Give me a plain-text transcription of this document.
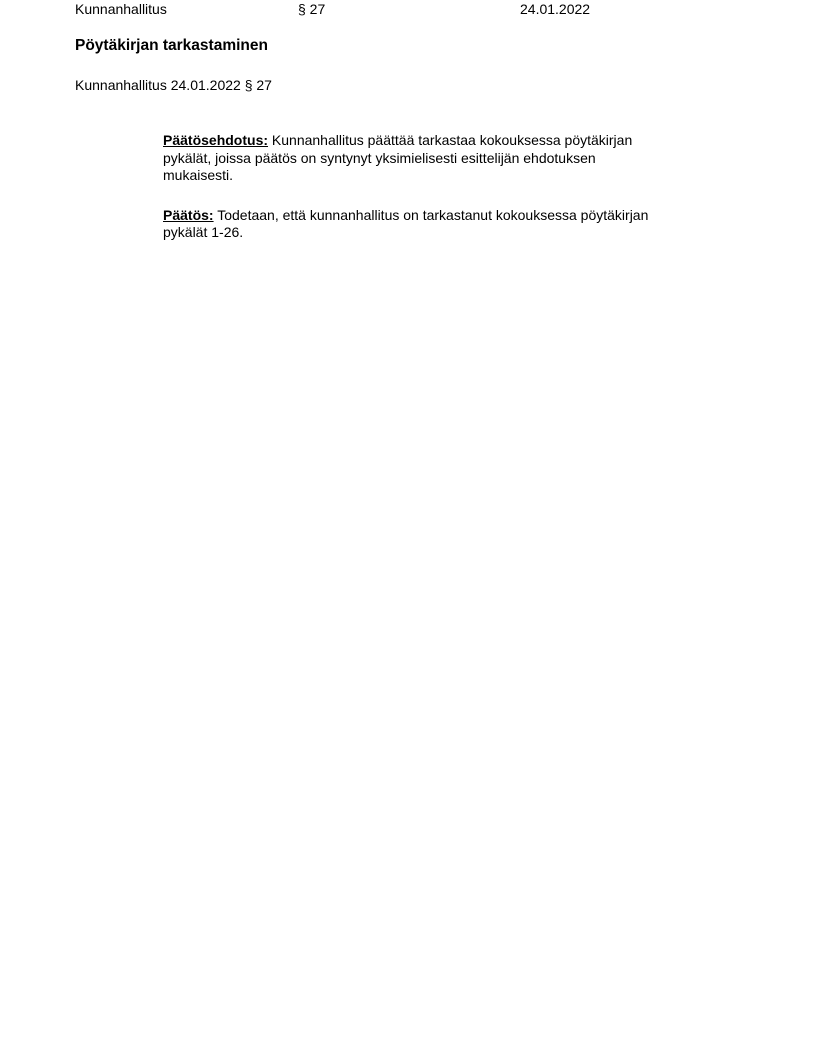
Kunnanhallitus	§ 27	24.01.2022
Pöytäkirjan tarkastaminen
Kunnanhallitus 24.01.2022 § 27

Päätösehdotus: Kunnanhallitus päättää tarkastaa kokouksessa pöytäkirjan
pykälät, joissa päätös on syntynyt yksimielisesti esittelijän ehdotuksen
mukaisesti.

Päätös: Todetaan, että kunnanhallitus on tarkastanut kokouksessa pöytäkirjan
pykälät 1-26.
